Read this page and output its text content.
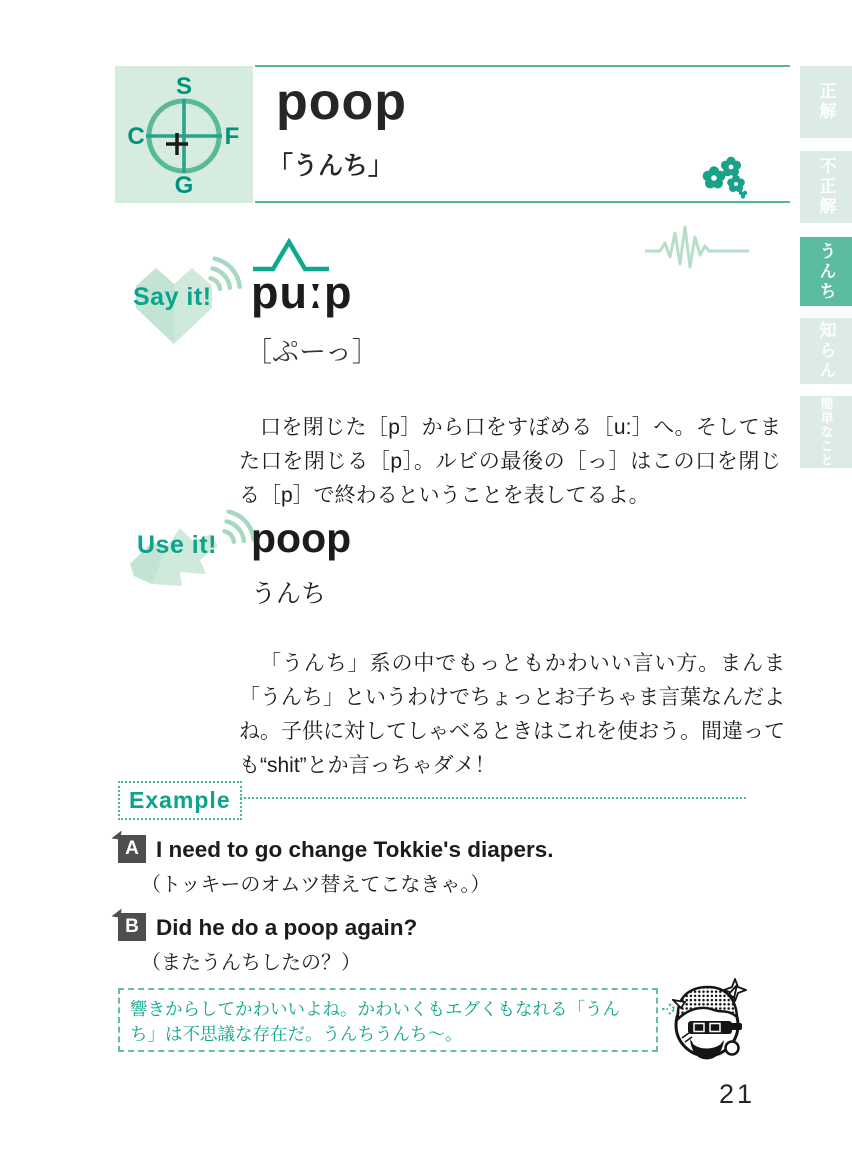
S
C	F
G
poop
「うんち」
正解
不正解
うんち
知らん
簡単なこと
Say it! puːp
［ぷーっ］

口を閉じた［p］から口をすぼめる［u:］へ。そしてまた口を閉じる［p］。ルビの最後の［っ］はこの口を閉じる［p］で終わるということを表してるよ。

Use it! poop
うんち

「うんち」系の中でもっともかわいい言い方。まんま「うんち」というわけでちょっとお子ちゃま言葉なんだよね。子供に対してしゃべるときはこれを使おう。間違っても“shit”とか言っちゃダメ！

Example
A I need to go change Tokkie's diapers.
（トッキーのオムツ替えてこなきゃ。）
B Did he do a poop again?
（またうんちしたの？）
響きからしてかわいいよね。かわいくもエグくもなれる「うんち」は不思議な存在だ。うんちうんち〜。
21
